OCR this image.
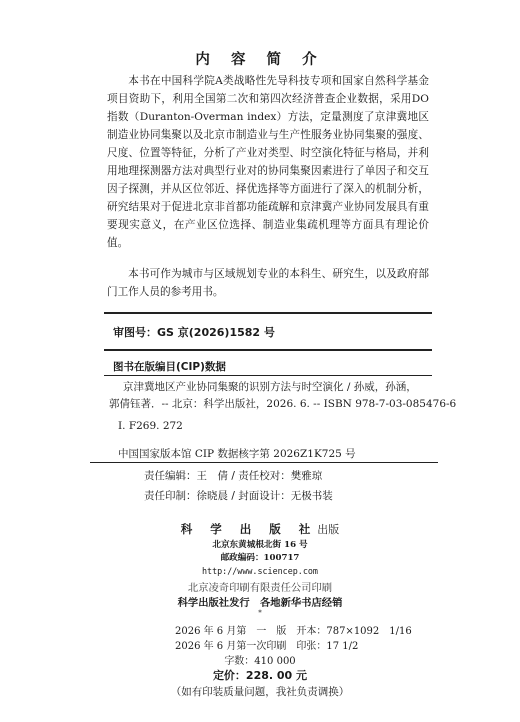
内 容 简 介

本书在中国科学院A类战略性先导科技专项和国家自然科学基金项目资助下，利用全国第二次和第四次经济普查企业数据，采用DO指数（Duranton-Overman index）方法，定量测度了京津冀地区制造业协同集聚以及北京市制造业与生产性服务业协同集聚的强度、尺度、位置等特征，分析了产业对类型、时空演化特征与格局，并利用地理探测器方法对典型行业对的协同集聚因素进行了单因子和交互因子探测，并从区位邻近、择优选择等方面进行了深入的机制分析，研究结果对于促进北京非首都功能疏解和京津冀产业协同发展具有重要现实意义，在产业区位选择、制造业集疏机理等方面具有理论价值。

本书可作为城市与区域规划专业的本科生、研究生，以及政府部门工作人员的参考用书。

审图号：GS 京(2026)1582 号
图书在版编目(CIP)数据
京津冀地区产业协同集聚的识别方法与时空演化 / 孙威，孙涵，
郭倩钰著．-- 北京：科学出版社，2026. 6. -- ISBN 978-7-03-085476-6
Ⅰ. F269. 272
中国国家版本馆 CIP 数据核字第 2026Z1K725 号
责任编辑：王　倩 / 责任校对：樊雅琼
责任印制：徐晓晨 / 封面设计：无极书装
科 学 出 版 社出版
北京东黄城根北街 16 号
邮政编码：100717
http://www.sciencep.com
北京凌奇印刷有限责任公司印刷
科学出版社发行　各地新华书店经销
*
2026 年 6 月第　一　版　开本：787×1092　1/16
2026 年 6 月第一次印刷　印张：17 1/2
字数：410 000
定价：228. 00 元
（如有印装质量问题，我社负责调换）
